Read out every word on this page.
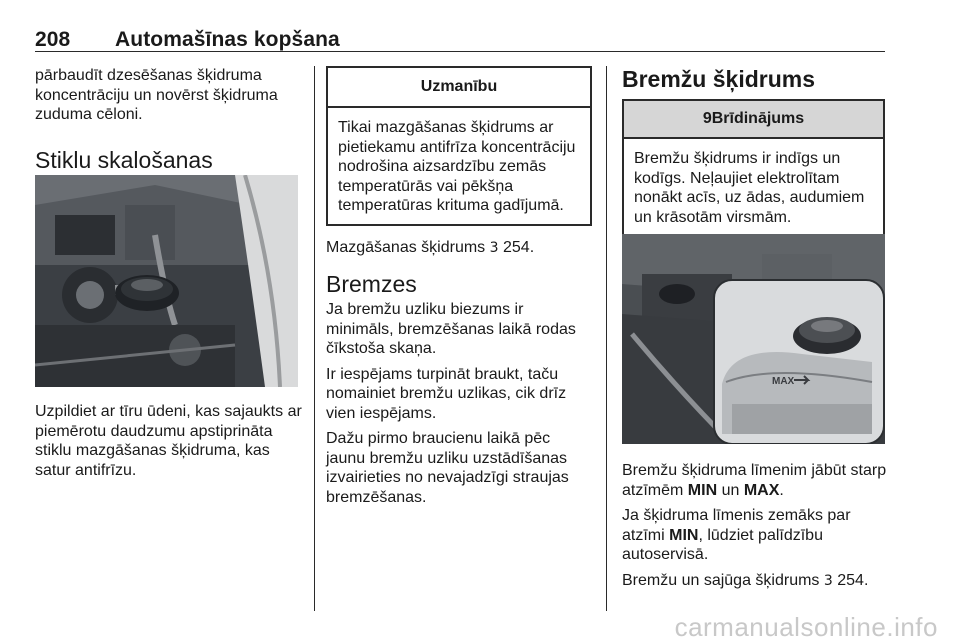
208 Automašīnas kopšana

pārbaudīt dzesēšanas šķidruma koncentrāciju un novērst šķidruma zuduma cēloni.

Stiklu skalošanas

Uzpildiet ar tīru ūdeni, kas sajaukts ar piemērotu daudzumu apstiprināta stiklu mazgāšanas šķidruma, kas satur antifrīzu.

Uzmanību
Tikai mazgāšanas šķidrums ar pietiekamu antifrīza koncentrāciju nodrošina aizsardzību zemās temperatūrās vai pēkšņa temperatūras krituma gadījumā.

Mazgāšanas šķidrums 3 254.

Bremzes

Ja bremžu uzliku biezums ir minimāls, bremzēšanas laikā rodas čīkstoša skaņa.

Ir iespējams turpināt braukt, taču nomainiet bremžu uzlikas, cik drīz vien iespējams.

Dažu pirmo braucienu laikā pēc jaunu bremžu uzliku uzstādīšanas izvairieties no nevajadzīgi straujas bremzēšanas.

Bremžu šķidrums
9Brīdinājums
Bremžu šķidrums ir indīgs un kodīgs. Neļaujiet elektrolītam nonākt acīs, uz ādas, audumiem un krāsotām virsmām.
MAX

Bremžu šķidruma līmenim jābūt starp atzīmēm MIN un MAX.

Ja šķidruma līmenis zemāks par atzīmi MIN, lūdziet palīdzību autoservisā.

Bremžu un sajūga šķidrums 3 254.

carmanualsonline.info
